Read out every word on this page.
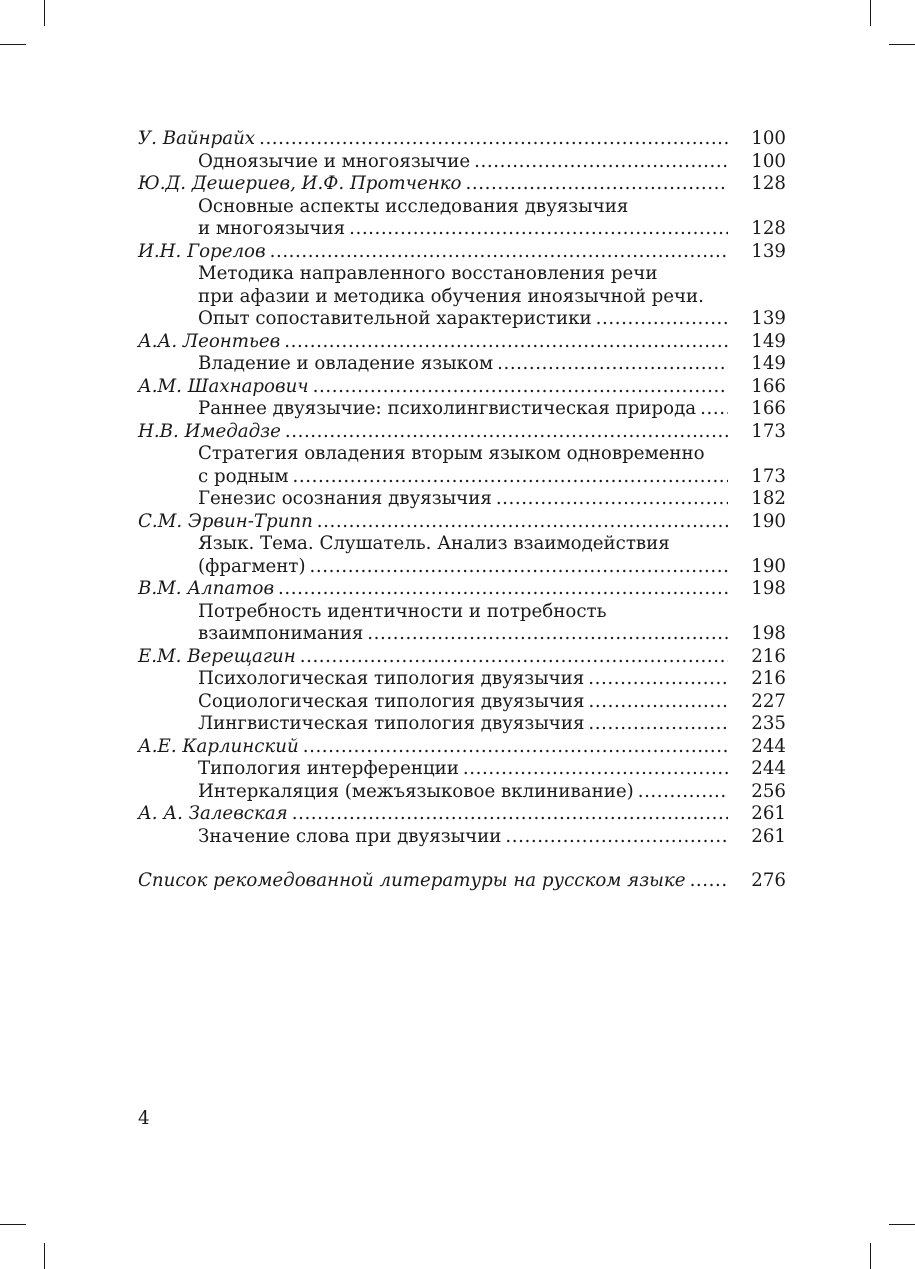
У. Вайнрайх . .	100
Одноязычие и многоязычие . .	100
Ю.Д. Дешериев, И.Ф. Протченко . .	128
Основные аспекты исследования двуязычия
и многоязычия . .	128
И.Н. Горелов . .	139
Методика направленного восстановления речи
при афазии и методика обучения иноязычной речи.
Опыт сопоставительной характеристики . .	139
А.А. Леонтьев . .	149
Владение и овладение языком . .	149
А.М. Шахнарович . .	166
Раннее двуязычие: психолингвистическая природа . .	166
Н.В. Имедадзе . .	173
Стратегия овладения вторым языком одновременно
с родным . .	173
Генезис осознания двуязычия . .	182
С.М. Эрвин-Трипп . .	190
Язык. Тема. Слушатель. Анализ взаимодействия
(фрагмент) . .	190
В.М. Алпатов . .	198
Потребность идентичности и потребность
взаимпонимания . .	198
Е.М. Верещагин . .	216
Психологическая типология двуязычия . .	216
Социологическая типология двуязычия . .	227
Лингвистическая типология двуязычия . .	235
А.Е. Карлинский . .	244
Типология интерференции . .	244
Интеркаляция (межъязыковое вклинивание) . .	256
А. А. Залевская . .	261
Значение слова при двуязычии . .	261
Список рекомедованной литературы на русском языке . .	276
4
